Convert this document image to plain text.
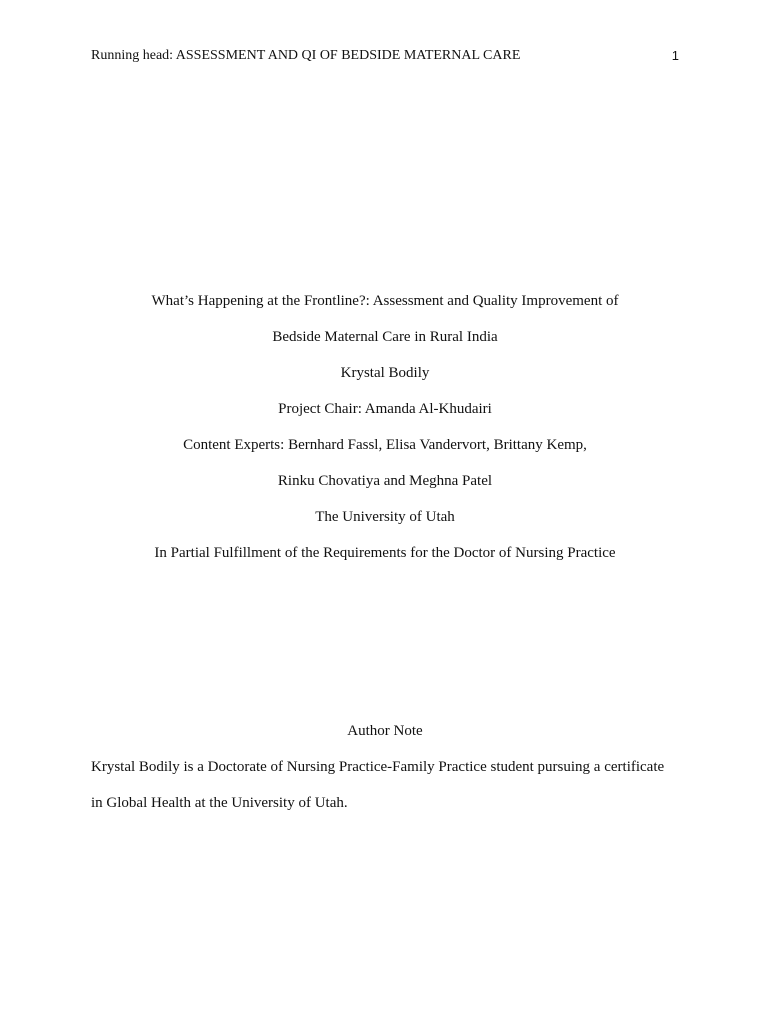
Running head: ASSESSMENT AND QI OF BEDSIDE MATERNAL CARE	1
What’s Happening at the Frontline?: Assessment and Quality Improvement of
Bedside Maternal Care in Rural India
Krystal Bodily
Project Chair: Amanda Al-Khudairi
Content Experts: Bernhard Fassl, Elisa Vandervort, Brittany Kemp,
Rinku Chovatiya and Meghna Patel
The University of Utah
In Partial Fulfillment of the Requirements for the Doctor of Nursing Practice
Author Note
Krystal Bodily is a Doctorate of Nursing Practice-Family Practice student pursuing a certificate
in Global Health at the University of Utah.
